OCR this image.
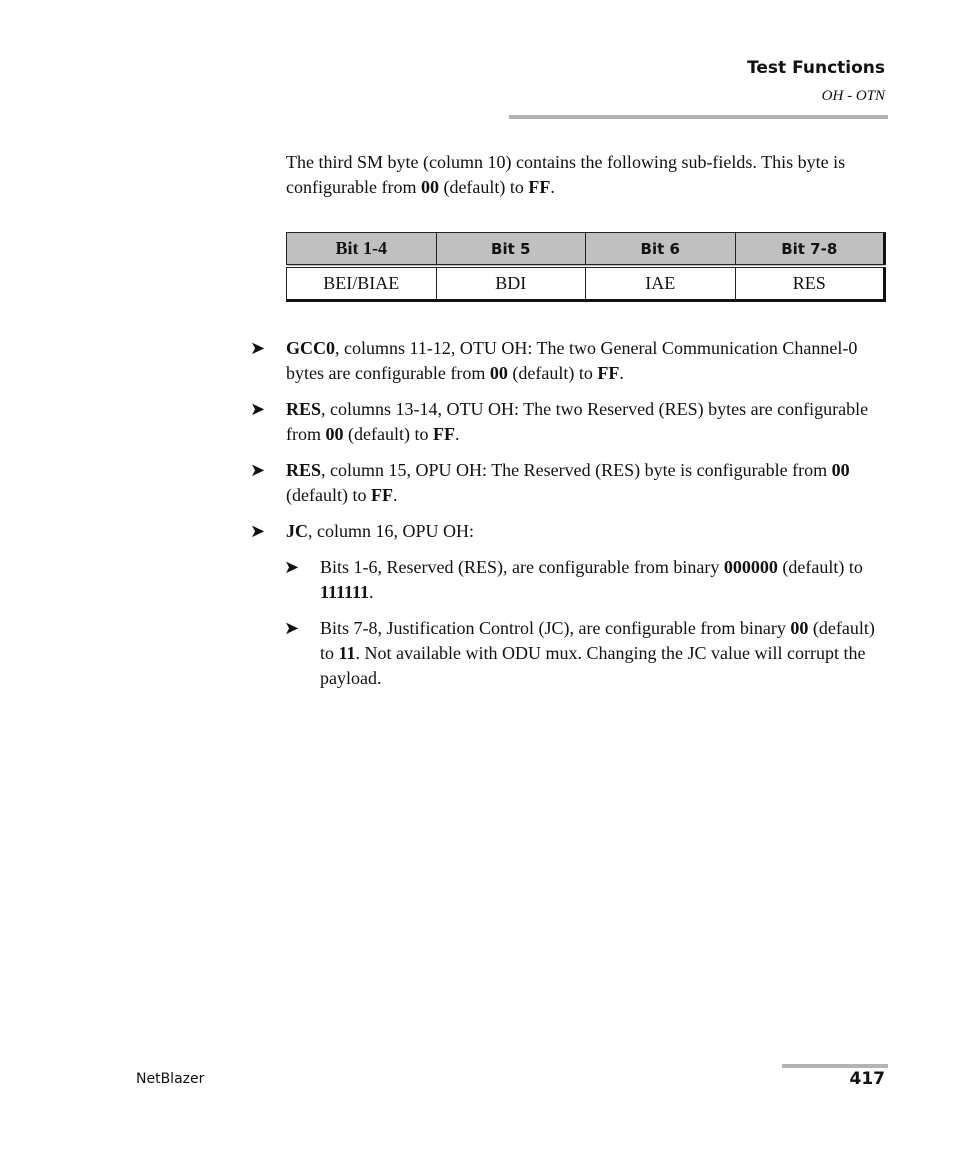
Test Functions
OH - OTN
The third SM byte (column 10) contains the following sub-fields. This byte is configurable from 00 (default) to FF.
Bit 1-4	Bit 5	Bit 6	Bit 7-8
BEI/BIAE	BDI	IAE	RES
➤ GCC0, columns 11-12, OTU OH: The two General Communication Channel-0 bytes are configurable from 00 (default) to FF.
➤ RES, columns 13-14, OTU OH: The two Reserved (RES) bytes are configurable from 00 (default) to FF.
➤ RES, column 15, OPU OH: The Reserved (RES) byte is configurable from 00 (default) to FF.
➤ JC, column 16, OPU OH:
➤ Bits 1-6, Reserved (RES), are configurable from binary 000000 (default) to 111111.
➤ Bits 7-8, Justification Control (JC), are configurable from binary 00 (default) to 11. Not available with ODU mux. Changing the JC value will corrupt the payload.
NetBlazer	417
